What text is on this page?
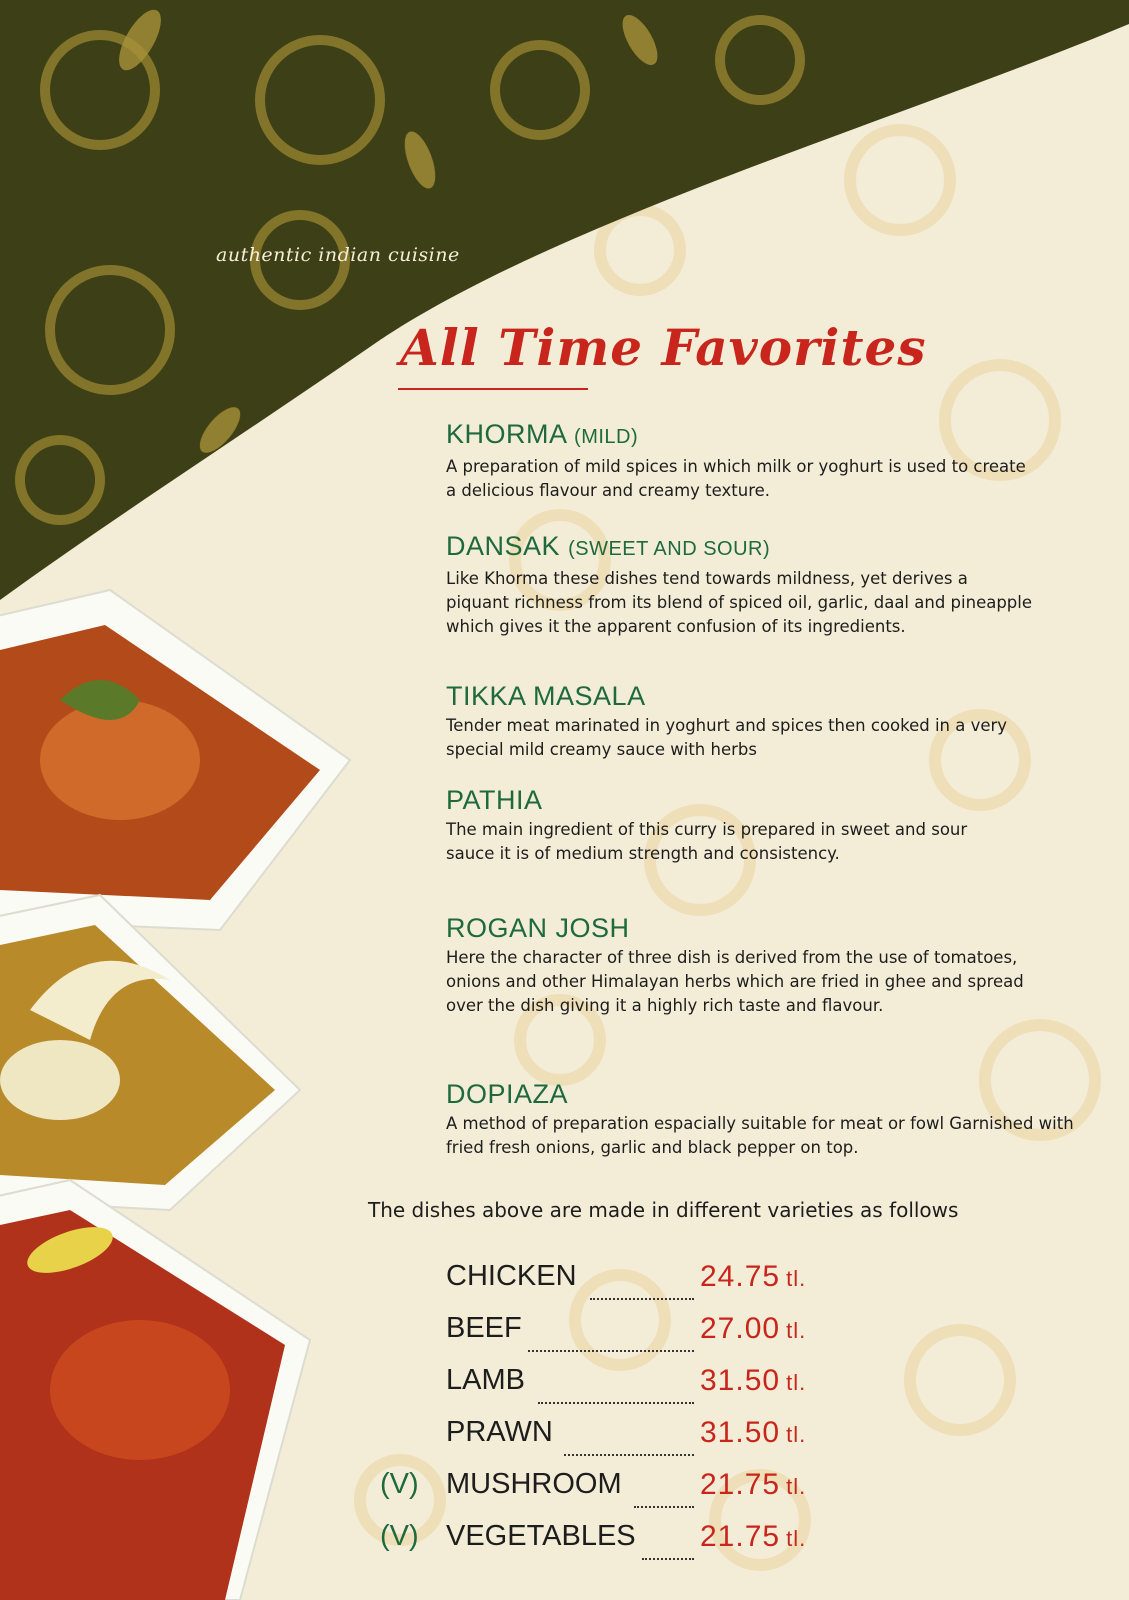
authentic indian cuisine
All Time Favorites
KHORMA (MILD)
A preparation of mild spices in which milk or yoghurt is used to create a delicious flavour and creamy texture.
DANSAK (SWEET AND SOUR)
Like Khorma these dishes tend towards mildness, yet derives a piquant richness from its blend of spiced oil, garlic, daal and pineapple which gives it the apparent confusion of its ingredients.
TIKKA MASALA
Tender meat marinated in yoghurt and spices then cooked in a very special mild creamy sauce with herbs
PATHIA
The main ingredient of this curry is prepared in sweet and sour sauce it is of medium strength and consistency.
ROGAN JOSH
Here the character of three dish is derived from the use of tomatoes, onions and other Himalayan herbs which are fried in ghee and spread over the dish giving it a highly rich taste and flavour.
DOPIAZA
A method of preparation espacially suitable for meat or fowl Garnished with fried fresh onions, garlic and black pepper on top.
The dishes above are made in different varieties as follows
CHICKEN	24.75 tl.
BEEF	27.00 tl.
LAMB	31.50 tl.
PRAWN	31.50 tl.
(V) MUSHROOM	21.75 tl.
(V) VEGETABLES 21.75 tl.
